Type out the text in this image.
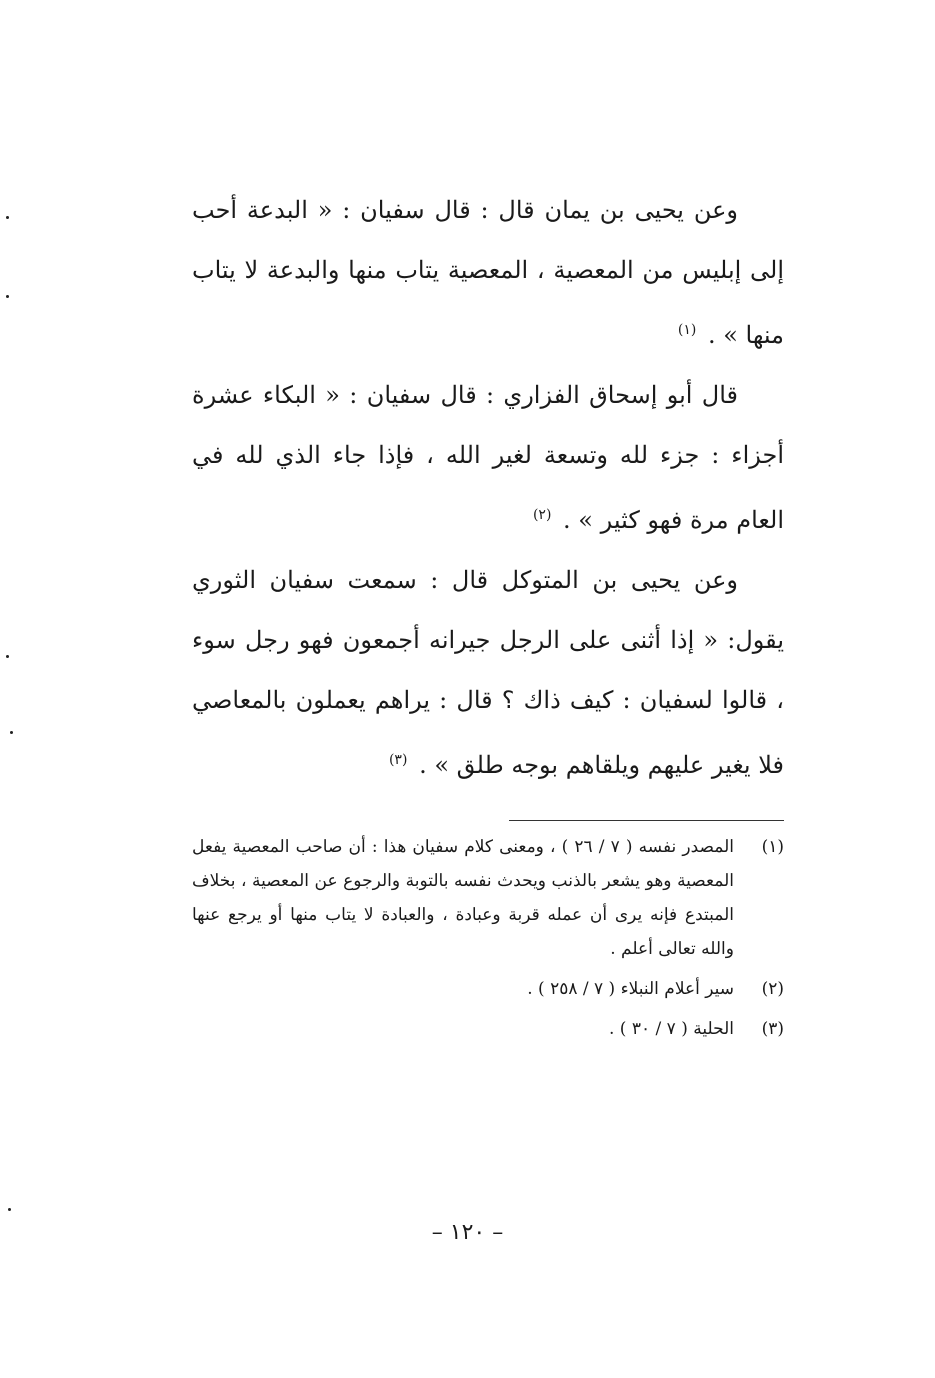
وعن يحيى بن يمان قال : قال سفيان : « البدعة أحب إلى إبليس من المعصية ، المعصية يتاب منها والبدعة لا يتاب منها » . $^{(١)}$

قال أبو إسحاق الفزاري : قال سفيان : « البكاء عشرة أجزاء : جزء لله وتسعة لغير الله ، فإذا جاء الذي لله في العام مرة فهو كثير » . $^{(٢)}$

وعن يحيى بن المتوكل قال : سمعت سفيان الثوري يقول: « إذا أثنى على الرجل جيرانه أجمعون فهو رجل سوء ، قالوا لسفيان : كيف ذاك ؟ قال : يراهم يعملون بالمعاصي فلا يغير عليهم ويلقاهم بوجه طلق » . $^{(٣)}$

(١)
المصدر نفسه ( ٧ / ٢٦ ) ، ومعنى كلام سفيان هذا : أن صاحب المعصية يفعل المعصية وهو يشعر بالذنب ويحدث نفسه بالتوبة والرجوع عن المعصية ، بخلاف المبتدع فإنه يرى أن عمله قربة وعبادة ، والعبادة لا يتاب منها أو يرجع عنها والله تعالى أعلم .
(٢)
سير أعلام النبلاء ( ٧ / ٢٥٨ ) .
(٣)
الحلية ( ٧ / ٣٠ ) .
– ١٢٠ –
